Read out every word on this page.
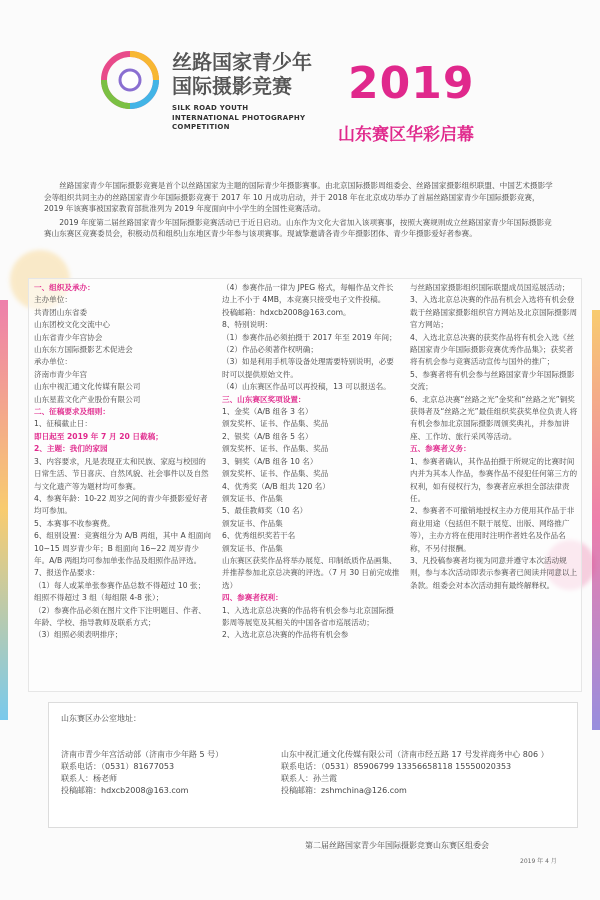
丝路国家青少年
国际摄影竞赛
SILK ROAD YOUTH
INTERNATIONAL PHOTOGRAPHY
COMPETITION
2019
山东赛区华彩启幕

丝路国家青少年国际摄影竞赛是首个以丝路国家为主题的国际青少年摄影赛事。由北京国际摄影周组委会、丝路国家摄影组织联盟、中国艺术摄影学会等组织共同主办的丝路国家青少年国际摄影竞赛于 2017 年 10 月成功启动，并于 2018 年在北京成功举办了首届丝路国家青少年国际摄影竞赛，2019 年该赛事被国家教育部批准列为 2019 年度面向中小学生的全国性竞赛活动。

2019 年度第二届丝路国家青少年国际摄影竞赛活动已于近日启动。山东作为文化大省加入该项赛事，按照大赛规则成立丝路国家青少年国际摄影竞赛山东赛区竞赛委员会，积极动员和组织山东地区青少年参与该项赛事。现诚挚邀请各青少年摄影团体、青少年摄影爱好者参赛。

一、组织及承办：

主办单位：

共青团山东省委

山东团校文化交流中心

山东省青少年宫协会

山东东方国际摄影艺术促进会

承办单位：

济南市青少年宫

山东中视汇通文化传媒有限公司

山东星蓝文化产业股份有限公司

二、征稿要求及细则：

1、征稿截止日：

即日起至 2019 年 7 月 20 日截稿；

2、主题：我们的家园

3、内容要求，凡是表现亚太和民族、家庭与校园的日常生活、节日喜庆、自然风貌、社会事件以及自然与文化遗产等为题材均可参赛。

4、参赛年龄：10-22 周岁之间的青少年摄影爱好者均可参加。

5、本赛事不收参赛费。

6、组别设置：竞赛组分为 A/B 两组，其中 A 组面向 10~15 周岁青少年；B 组面向 16~22 周岁青少年。A/B 两组均可参加单张作品及组照作品评选。

7、报送作品要求：

（1）每人或某单张参赛作品总数不得超过 10 张；组照不得超过 3 组（每组限 4-8 张）；

（2）参赛作品必须在图片文件下注明题目、作者、年龄、学校、指导教师及联系方式；

（3）组照必须表明排序；

（4）参赛作品一律为 JPEG 格式，每幅作品文件长边上不小于 4MB，本竞赛只接受电子文件投稿。

投稿邮箱：hdxcb2008@163.com。

8、特别说明：

（1）参赛作品必须拍摄于 2017 年至 2019 年间；

（2）作品必须著作权明确；

（3）如是利用手机等设备处理需要特别说明，必要时可以提供原始文件。

（4）山东赛区作品可以再投稿，13 可以报送名。

三、山东赛区奖项设置：

1、金奖（A/B 组各 3 名）

颁发奖杯、证书、作品集、奖品

2、银奖（A/B 组各 5 名）

颁发奖杯、证书、作品集、奖品

3、铜奖（A/B 组各 10 名）

颁发奖杯、证书、作品集、奖品

4、优秀奖（A/B 组共 120 名）

颁发证书、作品集

5、最佳教师奖（10 名）

颁发证书、作品集

6、优秀组织奖若干名

颁发证书、作品集

山东赛区获奖作品将举办展览、印制纸质作品画集、并推荐参加北京总决赛的评选。（7 月 30 日前完成推选）

四、参赛者权利：

1、入选北京总决赛的作品将有机会参与北京国际摄影周等展览及其相关的中国各省市巡展活动；

2、入选北京总决赛的作品将有机会参

与丝路国家摄影组织国际联盟成员国巡展活动；

3、入选北京总决赛的作品有机会入选将有机会登载于丝路国家摄影组织官方网站及北京国际摄影周官方网站；

4、入选北京总决赛的获奖作品将有机会入选《丝路国家青少年国际摄影竞赛优秀作品集》；获奖者将有机会参与竞赛活动宣传与国外的推广；

5、参赛者将有机会参与丝路国家青少年国际摄影交流；

6、北京总决赛“丝路之光”金奖和“丝路之光”铜奖获得者及“丝路之光”最佳组织奖获奖单位负责人将有机会参加北京国际摄影周颁奖典礼，并参加讲座、工作坊、旅行采风等活动。

五、参赛者义务：

1、参赛者确认，其作品拍摄于所规定的比赛时间内并为其本人作品，参赛作品不侵犯任何第三方的权利，如有侵权行为，参赛者应承担全部法律责任。

2、参赛者不可撤销地授权主办方使用其作品于非商业用途（包括但不限于展览、出版、网络推广等），主办方将在使用时注明作者姓名及作品名称，不另付报酬。

3、凡投稿参赛者均视为同意并遵守本次活动规则，参与本次活动即表示参赛者已阅读并同意以上条款。组委会对本次活动拥有最终解释权。

山东赛区办公室地址：

济南市青少年宫活动部（济南市少年路 5 号）

联系电话：（0531）81677053

联系人：杨老师

投稿邮箱：hdxcb2008@163.com

山东中视汇通文化传媒有限公司（济南市经五路 17 号发祥商务中心 806 ）

联系电话：（0531）85906799 13356658118 15550020353

联系人：孙兰霞

投稿邮箱：zshmchina@126.com

第二届丝路国家青少年国际摄影竞赛山东赛区组委会
2019 年 4 月
